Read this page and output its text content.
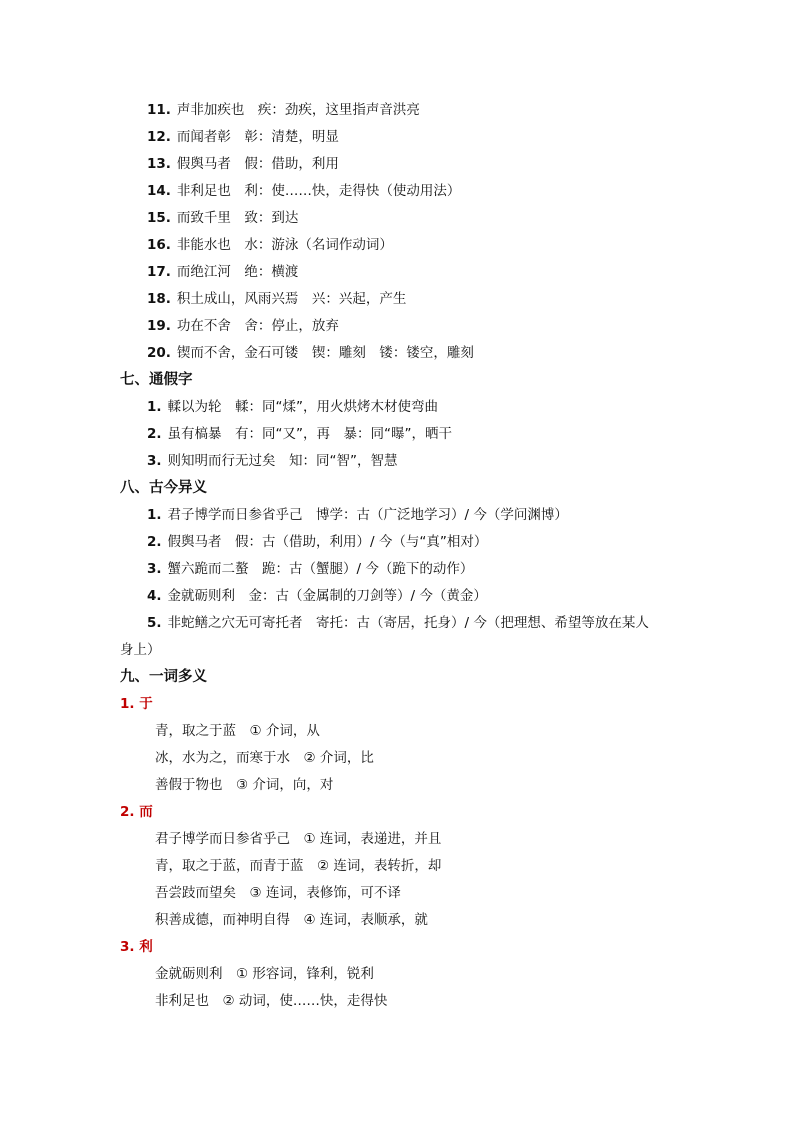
11. 声非加疾也　疾：劲疾，这里指声音洪亮
12. 而闻者彰　彰：清楚，明显
13. 假舆马者　假：借助，利用
14. 非利足也　利：使……快，走得快（使动用法）
15. 而致千里　致：到达
16. 非能水也　水：游泳（名词作动词）
17. 而绝江河　绝：横渡
18. 积土成山，风雨兴焉　兴：兴起，产生
19. 功在不舍　舍：停止，放弃
20. 锲而不舍，金石可镂　锲：雕刻　镂：镂空，雕刻
七、通假字
1. 輮以为轮　輮：同“煣”，用火烘烤木材使弯曲
2. 虽有槁暴　有：同“又”，再　暴：同“曝”，晒干
3. 则知明而行无过矣　知：同“智”，智慧
八、古今异义
1. 君子博学而日参省乎己　博学：古（广泛地学习）/ 今（学问渊博）
2. 假舆马者　假：古（借助，利用）/ 今（与“真”相对）
3. 蟹六跪而二螯　跪：古（蟹腿）/ 今（跪下的动作）
4. 金就砺则利　金：古（金属制的刀剑等）/ 今（黄金）
5. 非蛇鳝之穴无可寄托者　寄托：古（寄居，托身）/ 今（把理想、希望等放在某人
身上）
九、一词多义
1. 于
青，取之于蓝　① 介词，从
冰，水为之，而寒于水　② 介词，比
善假于物也　③ 介词，向，对
2. 而
君子博学而日参省乎己　① 连词，表递进，并且
青，取之于蓝，而青于蓝　② 连词，表转折，却
吾尝跂而望矣　③ 连词，表修饰，可不译
积善成德，而神明自得　④ 连词，表顺承，就
3. 利
金就砺则利　① 形容词，锋利，锐利
非利足也　② 动词，使……快，走得快
